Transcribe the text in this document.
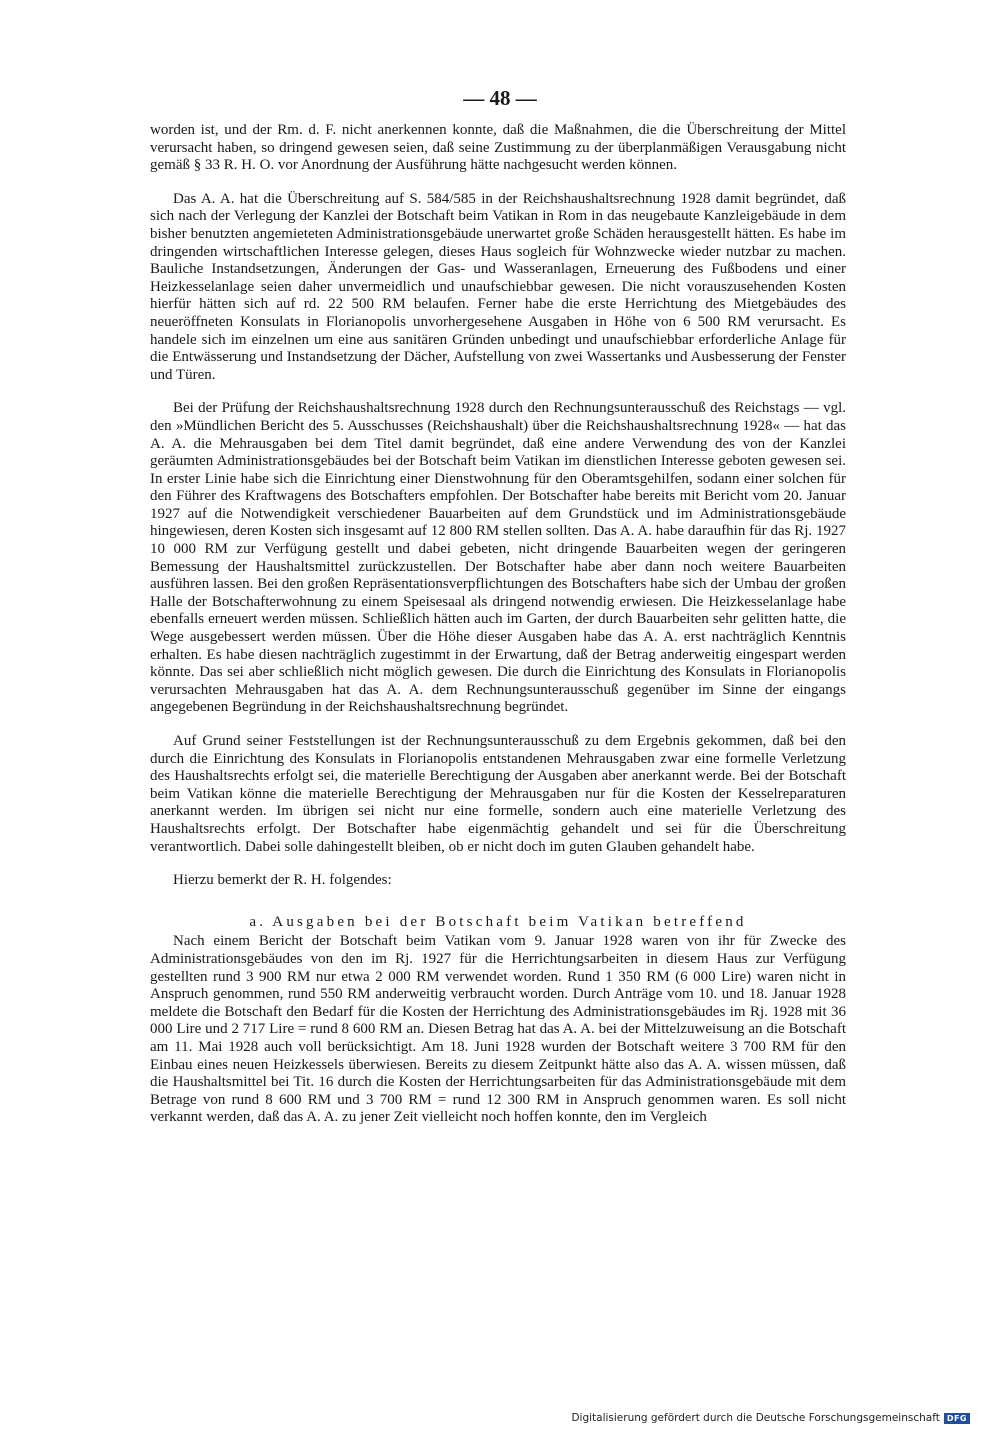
— 48 —

worden ist, und der Rm. d. F. nicht anerkennen konnte, daß die Maßnahmen, die die Überschreitung der Mittel verursacht haben, so dringend gewesen seien, daß seine Zustimmung zu der überplanmäßigen Verausgabung nicht gemäß § 33 R. H. O. vor Anordnung der Ausführung hätte nachgesucht werden können.

Das A. A. hat die Überschreitung auf S. 584/585 in der Reichshaushaltsrechnung 1928 damit begründet, daß sich nach der Verlegung der Kanzlei der Botschaft beim Vatikan in Rom in das neugebaute Kanzleigebäude in dem bisher benutzten angemieteten Administrationsgebäude unerwartet große Schäden herausgestellt hätten. Es habe im dringenden wirtschaftlichen Interesse gelegen, dieses Haus sogleich für Wohnzwecke wieder nutzbar zu machen. Bauliche Instandsetzungen, Änderungen der Gas- und Wasseranlagen, Erneuerung des Fußbodens und einer Heizkesselanlage seien daher unvermeidlich und unaufschiebbar gewesen. Die nicht vorauszusehenden Kosten hierfür hätten sich auf rd. 22 500 RM belaufen. Ferner habe die erste Herrichtung des Mietgebäudes des neueröffneten Konsulats in Florianopolis unvorhergesehene Ausgaben in Höhe von 6 500 RM verursacht. Es handele sich im einzelnen um eine aus sanitären Gründen unbedingt und unaufschiebbar erforderliche Anlage für die Entwässerung und Instandsetzung der Dächer, Aufstellung von zwei Wassertanks und Ausbesserung der Fenster und Türen.

Bei der Prüfung der Reichshaushaltsrechnung 1928 durch den Rechnungsunterausschuß des Reichstags — vgl. den »Mündlichen Bericht des 5. Ausschusses (Reichshaushalt) über die Reichshaushaltsrechnung 1928« — hat das A. A. die Mehrausgaben bei dem Titel damit begründet, daß eine andere Verwendung des von der Kanzlei geräumten Administrationsgebäudes bei der Botschaft beim Vatikan im dienstlichen Interesse geboten gewesen sei. In erster Linie habe sich die Einrichtung einer Dienstwohnung für den Oberamtsgehilfen, sodann einer solchen für den Führer des Kraftwagens des Botschafters empfohlen. Der Botschafter habe bereits mit Bericht vom 20. Januar 1927 auf die Notwendigkeit verschiedener Bauarbeiten auf dem Grundstück und im Administrationsgebäude hingewiesen, deren Kosten sich insgesamt auf 12 800 RM stellen sollten. Das A. A. habe daraufhin für das Rj. 1927 10 000 RM zur Verfügung gestellt und dabei gebeten, nicht dringende Bauarbeiten wegen der geringeren Bemessung der Haushaltsmittel zurückzustellen. Der Botschafter habe aber dann noch weitere Bauarbeiten ausführen lassen. Bei den großen Repräsentationsverpflichtungen des Botschafters habe sich der Umbau der großen Halle der Botschafterwohnung zu einem Speisesaal als dringend notwendig erwiesen. Die Heizkesselanlage habe ebenfalls erneuert werden müssen. Schließlich hätten auch im Garten, der durch Bauarbeiten sehr gelitten hatte, die Wege ausgebessert werden müssen. Über die Höhe dieser Ausgaben habe das A. A. erst nachträglich Kenntnis erhalten. Es habe diesen nachträglich zugestimmt in der Erwartung, daß der Betrag anderweitig eingespart werden könnte. Das sei aber schließlich nicht möglich gewesen. Die durch die Einrichtung des Konsulats in Florianopolis verursachten Mehrausgaben hat das A. A. dem Rechnungsunterausschuß gegenüber im Sinne der eingangs angegebenen Begründung in der Reichshaushaltsrechnung begründet.

Auf Grund seiner Feststellungen ist der Rechnungsunterausschuß zu dem Ergebnis gekommen, daß bei den durch die Einrichtung des Konsulats in Florianopolis entstandenen Mehrausgaben zwar eine formelle Verletzung des Haushaltsrechts erfolgt sei, die materielle Berechtigung der Ausgaben aber anerkannt werde. Bei der Botschaft beim Vatikan könne die materielle Berechtigung der Mehrausgaben nur für die Kosten der Kesselreparaturen anerkannt werden. Im übrigen sei nicht nur eine formelle, sondern auch eine materielle Verletzung des Haushaltsrechts erfolgt. Der Botschafter habe eigenmächtig gehandelt und sei für die Überschreitung verantwortlich. Dabei solle dahingestellt bleiben, ob er nicht doch im guten Glauben gehandelt habe.

Hierzu bemerkt der R. H. folgendes:

a. Ausgaben bei der Botschaft beim Vatikan betreffend

Nach einem Bericht der Botschaft beim Vatikan vom 9. Januar 1928 waren von ihr für Zwecke des Administrationsgebäudes von den im Rj. 1927 für die Herrichtungsarbeiten in diesem Haus zur Verfügung gestellten rund 3 900 RM nur etwa 2 000 RM verwendet worden. Rund 1 350 RM (6 000 Lire) waren nicht in Anspruch genommen, rund 550 RM anderweitig verbraucht worden. Durch Anträge vom 10. und 18. Januar 1928 meldete die Botschaft den Bedarf für die Kosten der Herrichtung des Administrationsgebäudes im Rj. 1928 mit 36 000 Lire und 2 717 Lire = rund 8 600 RM an. Diesen Betrag hat das A. A. bei der Mittelzuweisung an die Botschaft am 11. Mai 1928 auch voll berücksichtigt. Am 18. Juni 1928 wurden der Botschaft weitere 3 700 RM für den Einbau eines neuen Heizkessels überwiesen. Bereits zu diesem Zeitpunkt hätte also das A. A. wissen müssen, daß die Haushaltsmittel bei Tit. 16 durch die Kosten der Herrichtungsarbeiten für das Administrationsgebäude mit dem Betrage von rund 8 600 RM und 3 700 RM = rund 12 300 RM in Anspruch genommen waren. Es soll nicht verkannt werden, daß das A. A. zu jener Zeit vielleicht noch hoffen konnte, den im Vergleich

Digitalisierung gefördert durch die Deutsche Forschungsgemeinschaft DFG
